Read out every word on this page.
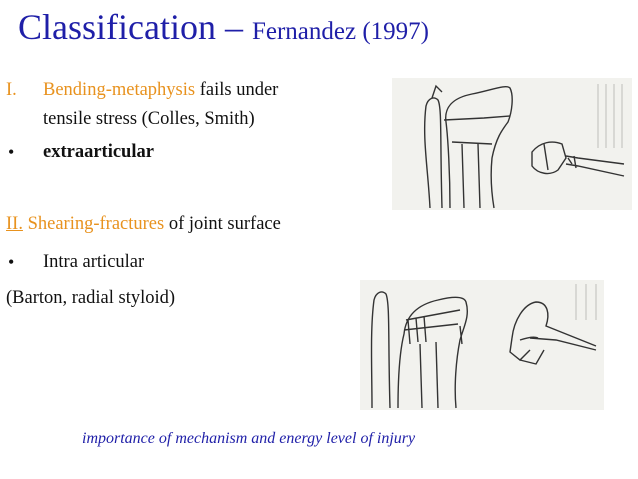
Classification – Fernandez (1997)
I. Bending-metaphysis fails under
tensile stress (Colles, Smith)
• extraarticular
II. Shearing-fractures of joint surface
• Intra articular
(Barton, radial styloid)
importance of mechanism and energy level of injury
